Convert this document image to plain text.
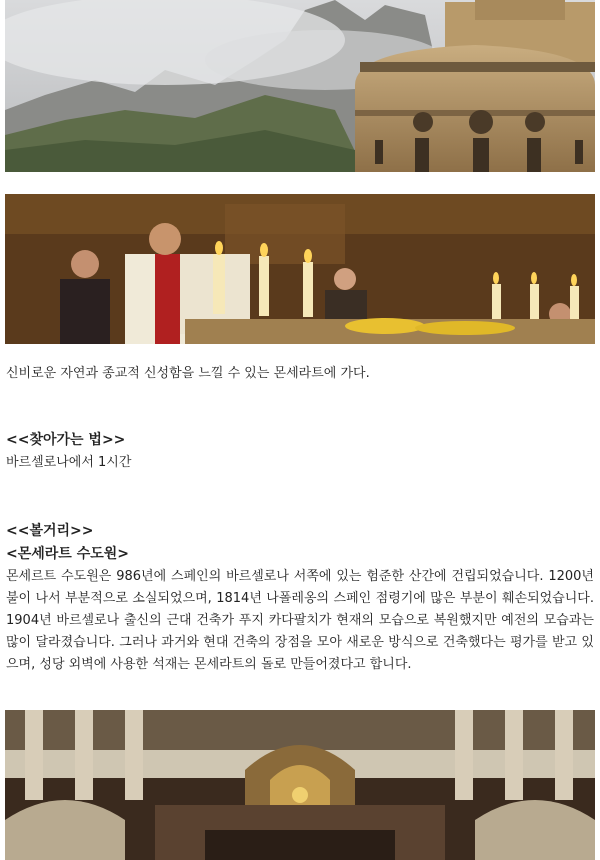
신비로운 자연과 종교적 신성함을 느낄 수 있는 몬세라트에 가다.
<<찾아가는 법>>
바르셀로나에서 1시간
<<볼거리>>
<몬세라트 수도원>
몬세르트 수도원은 986년에 스페인의 바르셀로나 서쪽에 있는 험준한 산간에 건립되었습니다. 1200년 불이 나서 부분적으로 소실되었으며, 1814년 나폴레옹의 스페인 점령기에 많은 부분이 훼손되었습니다. 1904년 바르셀로나 출신의 근대 건축가 푸지 카다팔치가 현재의 모습으로 복원했지만 예전의 모습과는 많이 달라졌습니다. 그러나 과거와 현대 건축의 장점을 모아 새로운 방식으로 건축했다는 평가를 받고 있으며, 성당 외벽에 사용한 석재는 몬세라트의 돌로 만들어졌다고 합니다.
